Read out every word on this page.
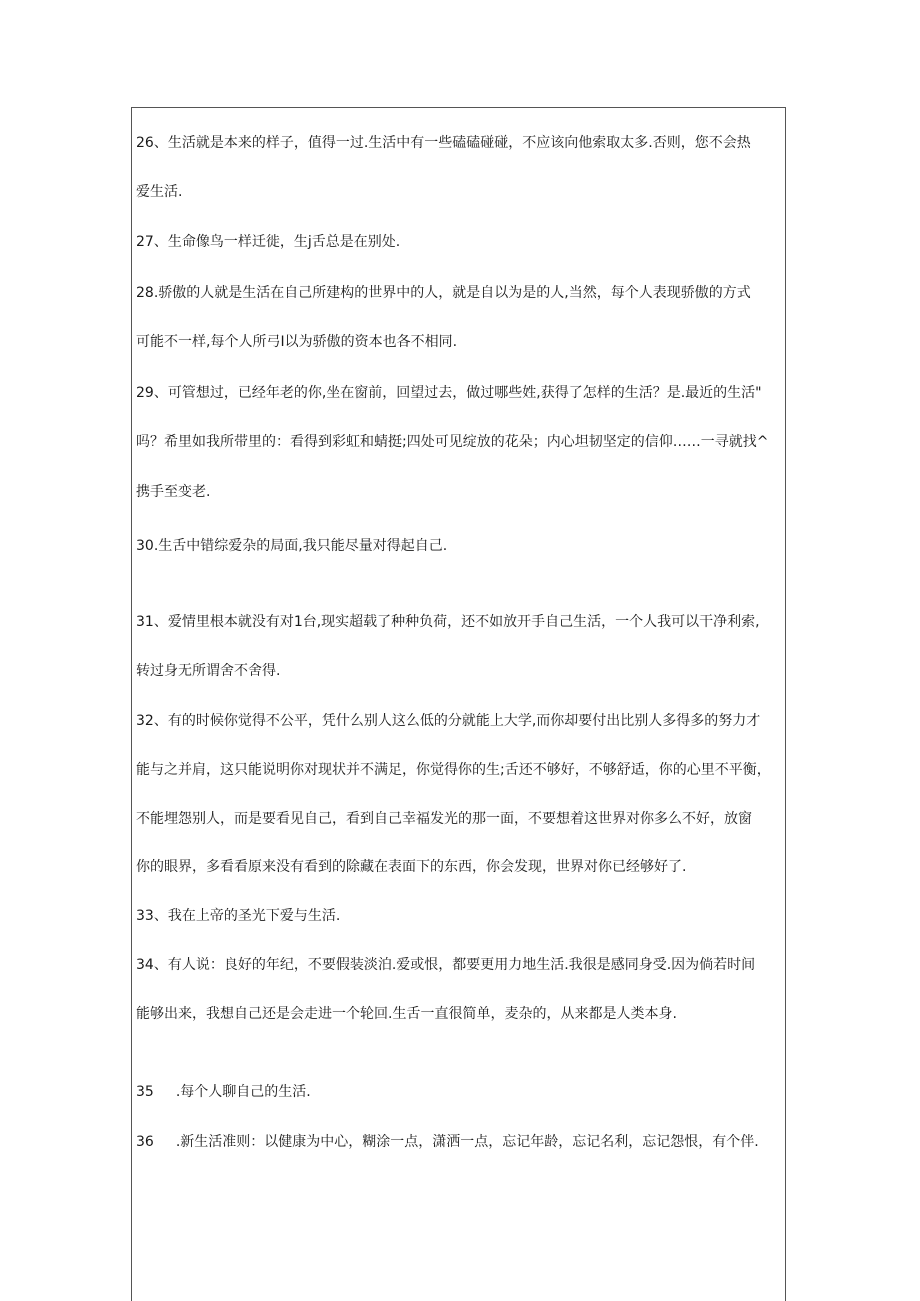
26、生活就是本来的样子，值得一过.生活中有一些磕磕碰碰，不应该向他索取太多.否则，您不会热
爱生活.
27、生命像鸟一样迁徙，生j舌总是在别处.
28.骄傲的人就是生活在自己所建构的世界中的人，就是自以为是的人,当然，每个人表现骄傲的方式
可能不一样,每个人所弓I以为骄傲的资本也各不相同.
29、可管想过，已经年老的你,坐在窗前，回望过去，做过哪些姓,获得了怎样的生活？是.最近的生活"
吗？希里如我所带里的：看得到彩虹和蜻挺;四处可见绽放的花朵；内心坦韧坚定的信仰……一寻就找^
携手至变老.
30.生舌中错综爱杂的局面,我只能尽量对得起自己.
31、爱情里根本就没有对1台,现实超载了种种负荷，还不如放开手自己生活，一个人我可以干净利索,
转过身无所谓舍不舍得.
32、有的时候你觉得不公平，凭什么别人这么低的分就能上大学,而你却要付出比别人多得多的努力才
能与之并肩，这只能说明你对现状并不满足，你觉得你的生;舌还不够好，不够舒适，你的心里不平衡，
不能埋怨别人，而是要看见自己，看到自己幸福发光的那一面，不要想着这世界对你多么不好，放窗
你的眼界，多看看原来没有看到的除藏在表面下的东西，你会发现，世界对你已经够好了.
33、我在上帝的圣光下爱与生活.
34、有人说：良好的年纪，不要假装淡泊.爱或恨，都要更用力地生活.我很是感同身受.因为倘若时间
能够出来，我想自己还是会走进一个轮回.生舌一直很简单，麦杂的，从来都是人类本身.
35 .每个人聊自己的生活.
36 .新生活准则：以健康为中心，糊涂一点，潇洒一点，忘记年龄，忘记名利，忘记怨恨，有个伴.
